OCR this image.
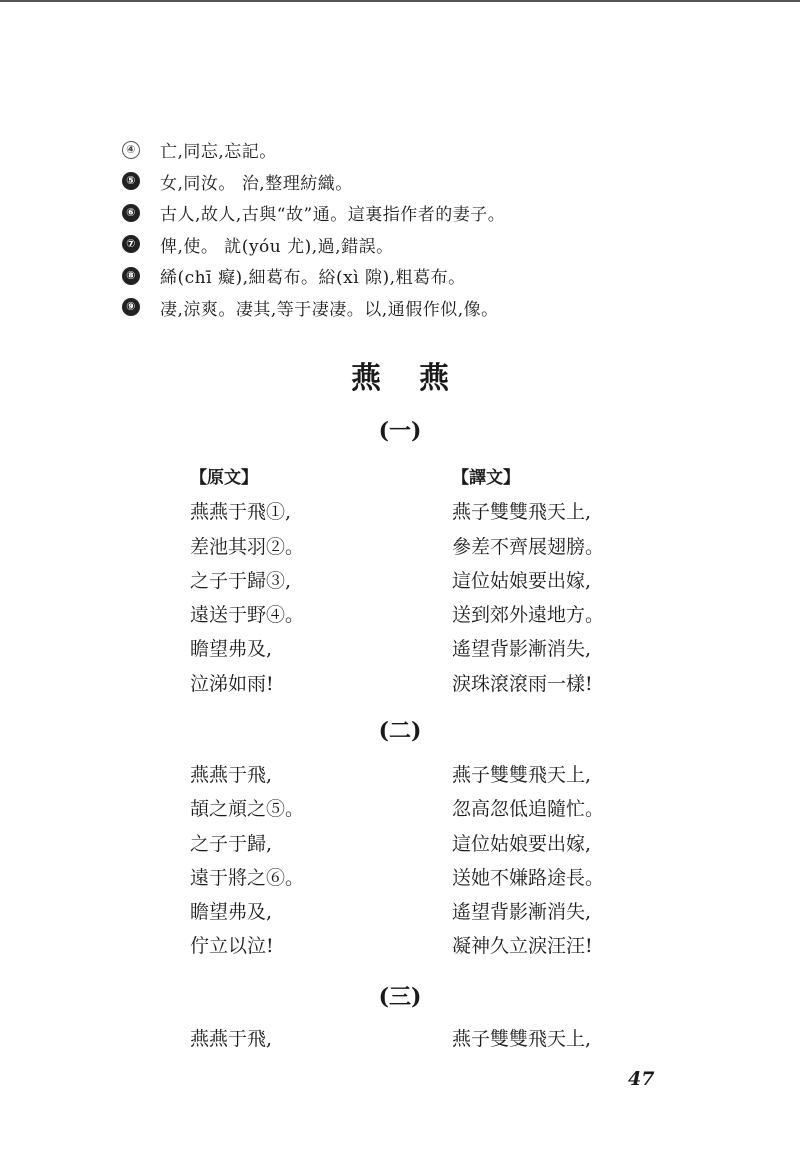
④ 亡,同忘,忘記。
⑤ 女,同汝。 治,整理紡織。
⑥ 古人,故人,古與“故”通。這裏指作者的妻子。
⑦ 俾,使。 訧(yóu 尤),過,錯誤。
⑧ 絺(chī 癡),細葛布。綌(xì 隙),粗葛布。
⑨ 凄,涼爽。凄其,等于凄凄。以,通假作似,像。
燕燕
(一)
【原文】
燕燕于飛①,
差池其羽②。
之子于歸③,
遠送于野④。
瞻望弗及,
泣涕如雨!
【譯文】
燕子雙雙飛天上,
參差不齊展翅膀。
這位姑娘要出嫁,
送到郊外遠地方。
遙望背影漸消失,
淚珠滾滾雨一樣!
(二)
燕燕于飛,
頡之頏之⑤。
之子于歸,
遠于將之⑥。
瞻望弗及,
佇立以泣!
燕子雙雙飛天上,
忽高忽低追隨忙。
這位姑娘要出嫁,
送她不嫌路途長。
遙望背影漸消失,
凝神久立淚汪汪!
(三)
燕燕于飛,	燕子雙雙飛天上,
47
